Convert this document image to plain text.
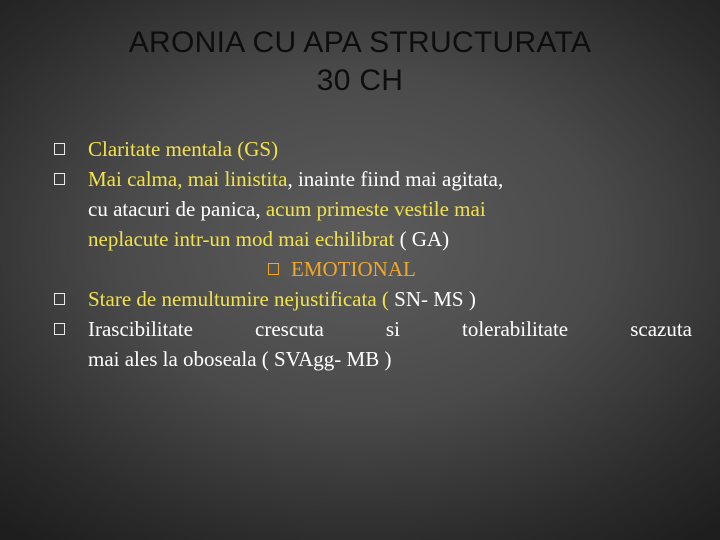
ARONIA CU APA STRUCTURATA
30 CH
Claritate mentala (GS)
Mai calma, mai linistita, inainte fiind mai agitata,
cu atacuri de panica, acum primeste vestile mai
neplacute intr-un mod mai echilibrat ( GA)
EMOTIONAL
Stare de nemultumire nejustificata ( SN- MS )
Irascibilitate	crescuta	si	tolerabilitate	scazuta
mai ales la oboseala ( SVAgg- MB )
